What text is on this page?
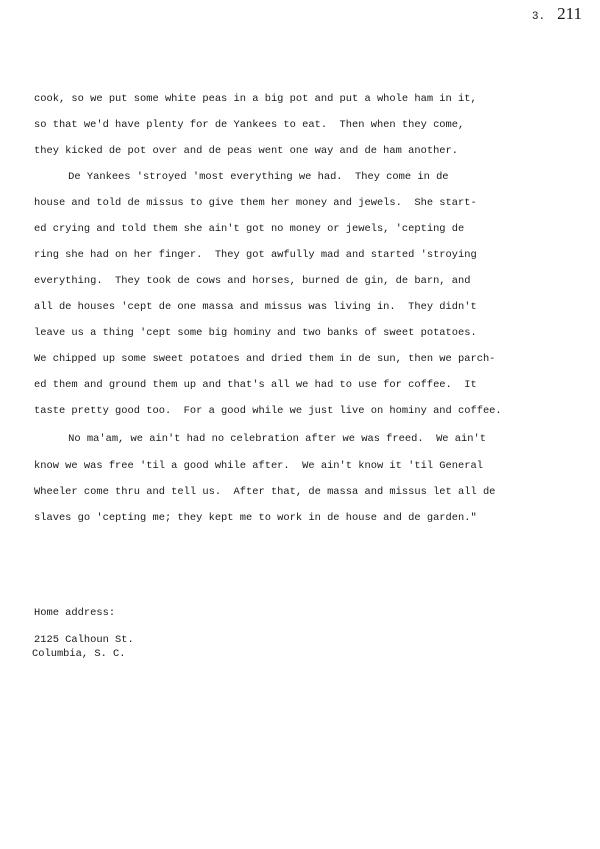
3. 211
cook, so we put some white peas in a big pot and put a whole ham in it,
so that we'd have plenty for de Yankees to eat.  Then when they come,
they kicked de pot over and de peas went one way and de ham another.
De Yankees 'stroyed 'most everything we had.  They come in de
house and told de missus to give them her money and jewels.  She start-
ed crying and told them she ain't got no money or jewels, 'cepting de
ring she had on her finger.  They got awfully mad and started 'stroying
everything.  They took de cows and horses, burned de gin, de barn, and
all de houses 'cept de one massa and missus was living in.  They didn't
leave us a thing 'cept some big hominy and two banks of sweet potatoes.
We chipped up some sweet potatoes and dried them in de sun, then we parch-
ed them and ground them up and that's all we had to use for coffee.  It
taste pretty good too.  For a good while we just live on hominy and coffee.
No ma'am, we ain't had no celebration after we was freed.  We ain't
know we was free 'til a good while after.  We ain't know it 'til General
Wheeler come thru and tell us.  After that, de massa and missus let all de
slaves go 'cepting me; they kept me to work in de house and de garden."
Home address:
2125 Calhoun St.
Columbia, S. C.
